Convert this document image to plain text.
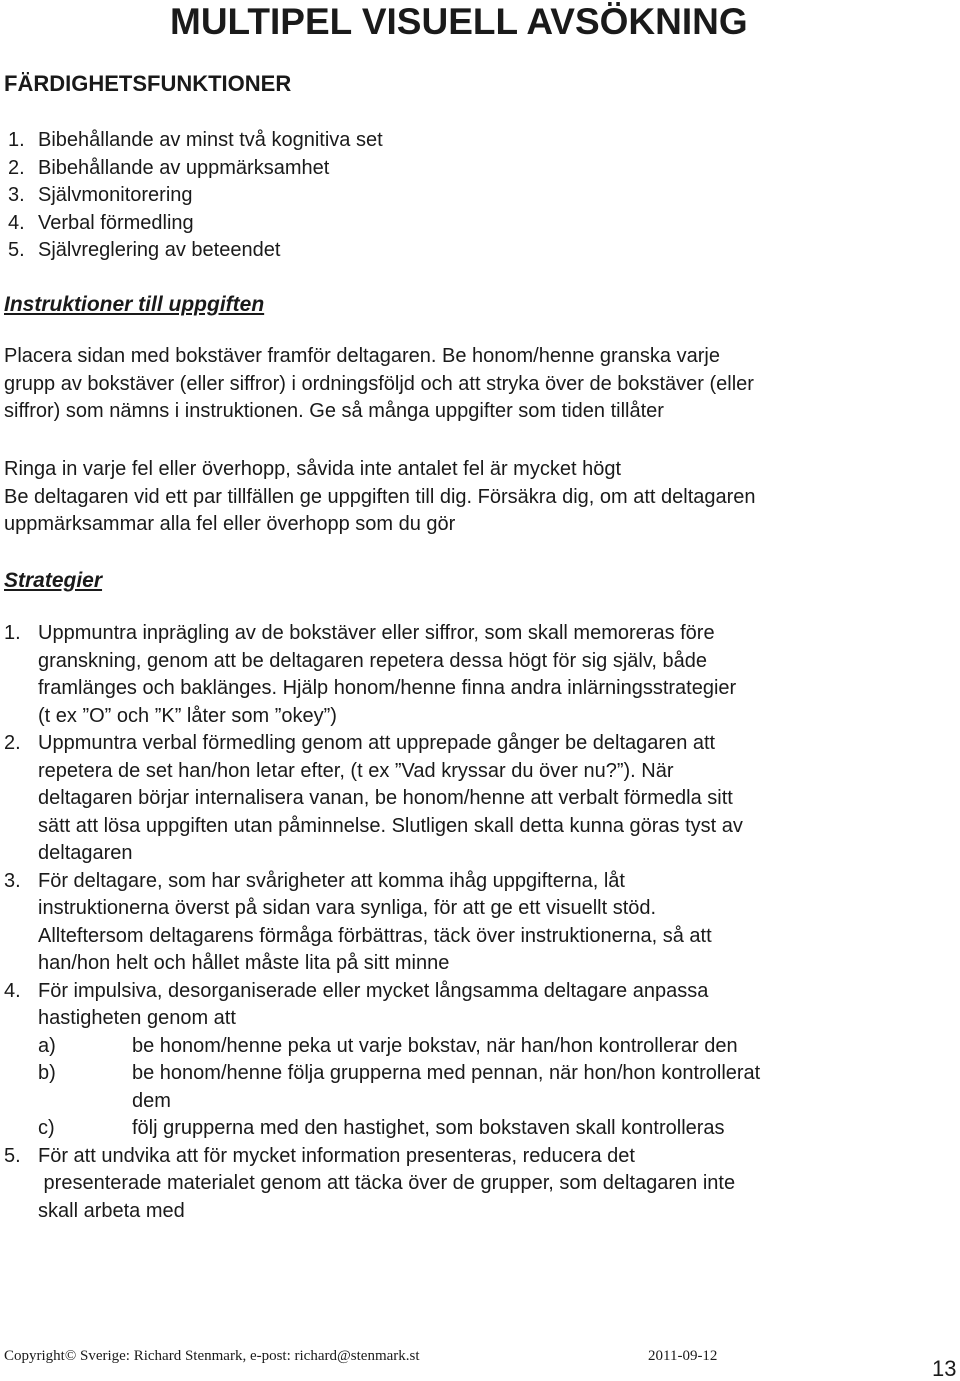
MULTIPEL VISUELL AVSÖKNING
FÄRDIGHETSFUNKTIONER
1. Bibehållande av minst två kognitiva set
2. Bibehållande av uppmärksamhet
3. Självmonitorering
4. Verbal förmedling
5. Självreglering av beteendet
Instruktioner till uppgiften
Placera sidan med bokstäver framför deltagaren. Be honom/henne granska varje
grupp av bokstäver (eller siffror) i ordningsföljd och att stryka över de bokstäver (eller
siffror) som nämns i instruktionen. Ge så många uppgifter som tiden tillåter
Ringa in varje fel eller överhopp, såvida inte antalet fel är mycket högt
Be deltagaren vid ett par tillfällen ge uppgiften till dig. Försäkra dig, om att deltagaren
uppmärksammar alla fel eller överhopp som du gör
Strategier
1. Uppmuntra inprägling av de bokstäver eller siffror, som skall memoreras före
granskning, genom att be deltagaren repetera dessa högt för sig själv, både
framlänges och baklänges. Hjälp honom/henne finna andra inlärningsstrategier
(t ex ”O” och ”K” låter som ”okey”)
2. Uppmuntra verbal förmedling genom att upprepade gånger be deltagaren att
repetera de set han/hon letar efter, (t ex ”Vad kryssar du över nu?”). När
deltagaren börjar internalisera vanan, be honom/henne att verbalt förmedla sitt
sätt att lösa uppgiften utan påminnelse. Slutligen skall detta kunna göras tyst av
deltagaren
3. För deltagare, som har svårigheter att komma ihåg uppgifterna, låt
instruktionerna överst på sidan vara synliga, för att ge ett visuellt stöd.
Allteftersom deltagarens förmåga förbättras, täck över instruktionerna, så att
han/hon helt och hållet måste lita på sitt minne
4. För impulsiva, desorganiserade eller mycket långsamma deltagare anpassa
hastigheten genom att
a)	be honom/henne peka ut varje bokstav, när han/hon kontrollerar den
b)	be honom/henne följa grupperna med pennan, när hon/hon kontrollerat
dem
c)	följ grupperna med den hastighet, som bokstaven skall kontrolleras
5. För att undvika att för mycket information presenteras, reducera det
presenterade materialet genom att täcka över de grupper, som deltagaren inte
skall arbeta med
Copyright© Sverige: Richard Stenmark, e-post: richard@stenmark.st	2011-09-12	13
